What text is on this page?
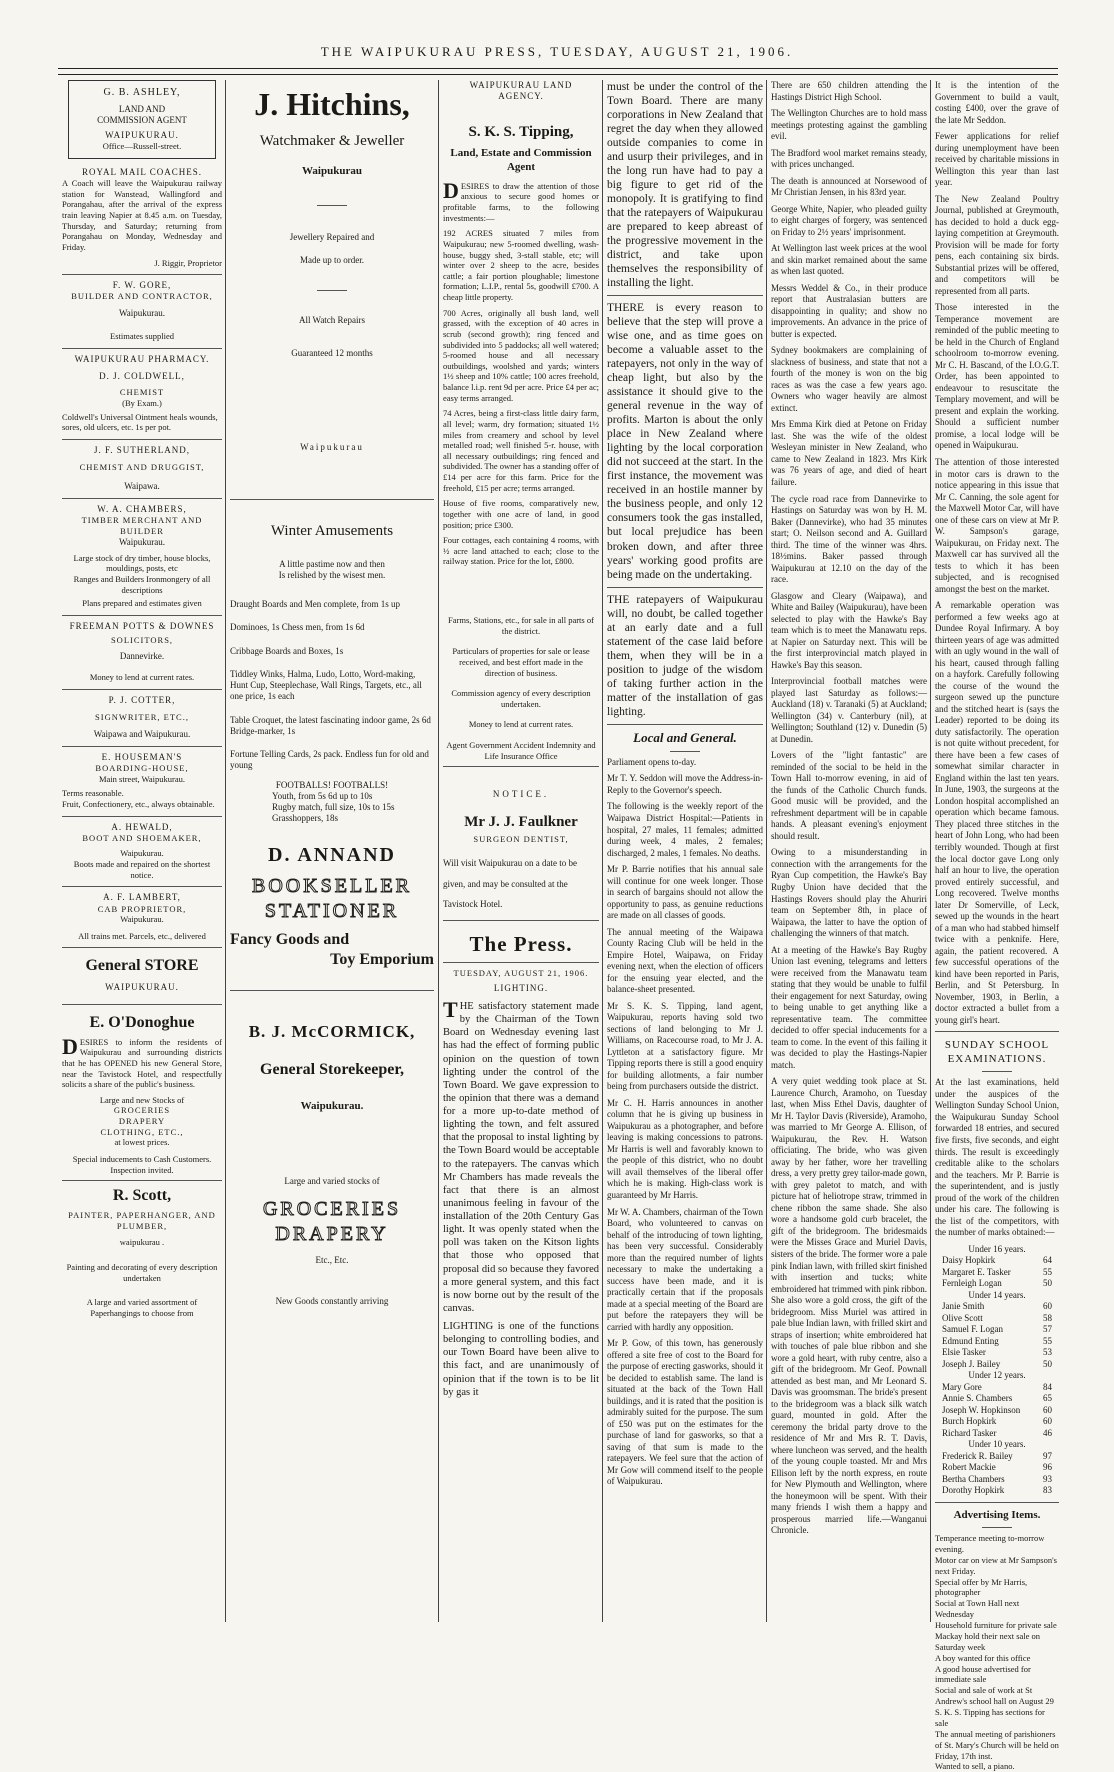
THE WAIPUKURAU PRESS, TUESDAY, AUGUST 21, 1906.
G. B. ASHLEY,
LAND AND
COMMISSION AGENT
WAIPUKURAU.
Office—Russell-street.
ROYAL MAIL COACHES.

A Coach will leave the Waipukurau railway station for Wanstead, Wallingford and Porangahau, after the arrival of the express train leaving Napier at 8.45 a.m. on Tuesday, Thursday, and Saturday; returning from Porangahau on Monday, Wednesday and Friday.

J. Riggir, Proprietor
F. W. GORE,
BUILDER AND CONTRACTOR,
Waipukurau.
Estimates supplied
WAIPUKURAU PHARMACY.
D. J. COLDWELL,
CHEMIST
(By Exam.)

Coldwell's Universal Ointment heals wounds, sores, old ulcers, etc. 1s per pot.

J. F. SUTHERLAND,
CHEMIST AND DRUGGIST,
Waipawa.
W. A. CHAMBERS,
TIMBER MERCHANT AND BUILDER
Waipukurau.
Large stock of dry timber, house blocks, mouldings, posts, etc
Ranges and Builders Ironmongery of all descriptions
Plans prepared and estimates given
FREEMAN POTTS & DOWNES
SOLICITORS,
Dannevirke.
Money to lend at current rates.
P. J. COTTER,
SIGNWRITER, ETC.,
Waipawa and Waipukurau.
E. HOUSEMAN'S
BOARDING-HOUSE,
Main street, Waipukurau.
Terms reasonable.
Fruit, Confectionery, etc., always obtainable.
A. HEWALD,
BOOT AND SHOEMAKER,
Waipukurau.
Boots made and repaired on the shortest notice.
A. F. LAMBERT,
CAB PROPRIETOR,
Waipukurau.
All trains met. Parcels, etc., delivered
General STORE
WAIPUKURAU.
E. O'Donoghue

DESIRES to inform the residents of Waipukurau and surrounding districts that he has OPENED his new General Store, near the Tavistock Hotel, and respectfully solicits a share of the public's business.

Large and new Stocks of
GROCERIES
DRAPERY
CLOTHING, ETC.,
at lowest prices.
Special inducements to Cash Customers.
Inspection invited.
R. Scott,
PAINTER, PAPERHANGER, AND PLUMBER,
waipukurau .
Painting and decorating of every description undertaken
A large and varied assortment of Paperhangings to choose from
J. Hitchins,
Watchmaker & Jeweller
Waipukurau
Jewellery Repaired and
Made up to order.
All Watch Repairs
Guaranteed 12 months
Waipukurau
Winter Amusements
A little pastime now and then
Is relished by the wisest men.

Draught Boards and Men complete, from 1s up

Dominoes, 1s Chess men, from 1s 6d

Cribbage Boards and Boxes, 1s

Tiddley Winks, Halma, Ludo, Lotto, Word-making, Hunt Cup, Steeplechase, Wall Rings, Targets, etc., all one price, 1s each

Table Croquet, the latest fascinating indoor game, 2s 6d Bridge-marker, 1s

Fortune Telling Cards, 2s pack. Endless fun for old and young

FOOTBALLS! FOOTBALLS!
Youth, from 5s 6d up to 10s
Rugby match, full size, 10s to 15s
Grasshoppers, 18s
D. ANNAND
BOOKSELLER
STATIONER
Fancy Goods and
Toy Emporium
B. J. McCORMICK,
General Storekeeper,
Waipukurau.
Large and varied stocks of
GROCERIES
DRAPERY
Etc., Etc.
New Goods constantly arriving
WAIPUKURAU LAND
AGENCY.
S. K. S. Tipping,
Land, Estate and Commission Agent

DESIRES to draw the attention of those anxious to secure good homes or profitable farms, to the following investments:—

192 ACRES situated 7 miles from Waipukurau; new 5-roomed dwelling, wash-house, buggy shed, 3-stall stable, etc; will winter over 2 sheep to the acre, besides cattle; a fair portion ploughable; limestone formation; L.I.P., rental 5s, goodwill £700. A cheap little property.

700 Acres, originally all bush land, well grassed, with the exception of 40 acres in scrub (second growth); ring fenced and subdivided into 5 paddocks; all well watered; 5-roomed house and all necessary outbuildings, woolshed and yards; winters 1½ sheep and 10% cattle; 100 acres freehold, balance l.i.p. rent 9d per acre. Price £4 per ac; easy terms arranged.

74 Acres, being a first-class little dairy farm, all level; warm, dry formation; situated 1½ miles from creamery and school by level metalled road; well finished 5-r. house, with all necessary outbuildings; ring fenced and subdivided. The owner has a standing offer of £14 per acre for this farm. Price for the freehold, £15 per acre; terms arranged.

House of five rooms, comparatively new, together with one acre of land, in good position; price £300.

Four cottages, each containing 4 rooms, with ½ acre land attached to each; close to the railway station. Price for the lot, £800.

Farms, Stations, etc., for sale in all parts of the district.
Particulars of properties for sale or lease received, and best effort made in the direction of business.
Commission agency of every description undertaken.
Money to lend at current rates.
Agent Government Accident Indemnity and Life Insurance Office
NOTICE.
Mr J. J. Faulkner
SURGEON DENTIST,

Will visit Waipukurau on a date to be given, and may be consulted at the Tavistock Hotel.

The Press.
TUESDAY, AUGUST 21, 1906.
LIGHTING.

THE satisfactory statement made by the Chairman of the Town Board on Wednesday evening last has had the effect of forming public opinion on the question of town lighting under the control of the Town Board. We gave expression to the opinion that there was a demand for a more up-to-date method of lighting the town, and felt assured that the proposal to instal lighting by the Town Board would be acceptable to the ratepayers. The canvas which Mr Chambers has made reveals the fact that there is an almost unanimous feeling in favour of the installation of the 20th Century Gas light. It was openly stated when the poll was taken on the Kitson lights that those who opposed that proposal did so because they favored a more general system, and this fact is now borne out by the result of the canvas.

LIGHTING is one of the functions belonging to controlling bodies, and our Town Board have been alive to this fact, and are unanimously of opinion that if the town is to be lit by gas it

must be under the control of the Town Board. There are many corporations in New Zealand that regret the day when they allowed outside companies to come in and usurp their privileges, and in the long run have had to pay a big figure to get rid of the monopoly. It is gratifying to find that the ratepayers of Waipukurau are prepared to keep abreast of the progressive movement in the district, and take upon themselves the responsibility of installing the light.

THERE is every reason to believe that the step will prove a wise one, and as time goes on become a valuable asset to the ratepayers, not only in the way of cheap light, but also by the assistance it should give to the general revenue in the way of profits. Marton is about the only place in New Zealand where lighting by the local corporation did not succeed at the start. In the first instance, the movement was received in an hostile manner by the business people, and only 12 consumers took the gas installed, but local prejudice has been broken down, and after three years' working good profits are being made on the undertaking.

THE ratepayers of Waipukurau will, no doubt, be called together at an early date and a full statement of the case laid before them, when they will be in a position to judge of the wisdom of taking further action in the matter of the installation of gas lighting.

Local and General.

Parliament opens to-day.

Mr T. Y. Seddon will move the Address-in-Reply to the Governor's speech.

The following is the weekly report of the Waipawa District Hospital:—Patients in hospital, 27 males, 11 females; admitted during week, 4 males, 2 females; discharged, 2 males, 1 females. No deaths.

Mr P. Barrie notifies that his annual sale will continue for one week longer. Those in search of bargains should not allow the opportunity to pass, as genuine reductions are made on all classes of goods.

The annual meeting of the Waipawa County Racing Club will be held in the Empire Hotel, Waipawa, on Friday evening next, when the election of officers for the ensuing year elected, and the balance-sheet presented.

Mr S. K. S. Tipping, land agent, Waipukurau, reports having sold two sections of land belonging to Mr J. Williams, on Racecourse road, to Mr J. A. Lyttleton at a satisfactory figure. Mr Tipping reports there is still a good enquiry for building allotments, a fair number being from purchasers outside the district.

Mr C. H. Harris announces in another column that he is giving up business in Waipukurau as a photographer, and before leaving is making concessions to patrons. Mr Harris is well and favorably known to the people of this district, who no doubt will avail themselves of the liberal offer which he is making. High-class work is guaranteed by Mr Harris.

Mr W. A. Chambers, chairman of the Town Board, who volunteered to canvas on behalf of the introducing of town lighting, has been very successful. Considerably more than the required number of lights necessary to make the undertaking a success have been made, and it is practically certain that if the proposals made at a special meeting of the Board are put before the ratepayers they will be carried with hardly any opposition.

Mr P. Gow, of this town, has generously offered a site free of cost to the Board for the purpose of erecting gasworks, should it be decided to establish same. The land is situated at the back of the Town Hall buildings, and it is rated that the position is admirably suited for the purpose. The sum of £50 was put on the estimates for the purchase of land for gasworks, so that a saving of that sum is made to the ratepayers. We feel sure that the action of Mr Gow will commend itself to the people of Waipukurau.

There are 650 children attending the Hastings District High School.

The Wellington Churches are to hold mass meetings protesting against the gambling evil.

The Bradford wool market remains steady, with prices unchanged.

The death is announced at Norsewood of Mr Christian Jensen, in his 83rd year.

George White, Napier, who pleaded guilty to eight charges of forgery, was sentenced on Friday to 2½ years' imprisonment.

At Wellington last week prices at the wool and skin market remained about the same as when last quoted.

Messrs Weddel & Co., in their produce report that Australasian butters are disappointing in quality; and show no improvements. An advance in the price of butter is expected.

Sydney bookmakers are complaining of slackness of business, and state that not a fourth of the money is won on the big races as was the case a few years ago. Owners who wager heavily are almost extinct.

Mrs Emma Kirk died at Petone on Friday last. She was the wife of the oldest Wesleyan minister in New Zealand, who came to New Zealand in 1823. Mrs Kirk was 76 years of age, and died of heart failure.

The cycle road race from Dannevirke to Hastings on Saturday was won by H. M. Baker (Dannevirke), who had 35 minutes start; O. Neilson second and A. Guillard third. The time of the winner was 4hrs. 18½mins. Baker passed through Waipukurau at 12.10 on the day of the race.

Glasgow and Cleary (Waipawa), and White and Bailey (Waipukurau), have been selected to play with the Hawke's Bay team which is to meet the Manawatu reps. at Napier on Saturday next. This will be the first interprovincial match played in Hawke's Bay this season.

Interprovincial football matches were played last Saturday as follows:—Auckland (18) v. Taranaki (5) at Auckland; Wellington (34) v. Canterbury (nil), at Wellington; Southland (12) v. Dunedin (5) at Dunedin.

Lovers of the "light fantastic" are reminded of the social to be held in the Town Hall to-morrow evening, in aid of the funds of the Catholic Church funds. Good music will be provided, and the refreshment department will be in capable hands. A pleasant evening's enjoyment should result.

Owing to a misunderstanding in connection with the arrangements for the Ryan Cup competition, the Hawke's Bay Rugby Union have decided that the Hastings Rovers should play the Ahuriri team on September 8th, in place of Waipawa, the latter to have the option of challenging the winners of that match.

At a meeting of the Hawke's Bay Rugby Union last evening, telegrams and letters were received from the Manawatu team stating that they would be unable to fulfil their engagement for next Saturday, owing to being unable to get anything like a representative team. The committee decided to offer special inducements for a team to come. In the event of this failing it was decided to play the Hastings-Napier match.

A very quiet wedding took place at St. Laurence Church, Aramoho, on Tuesday last, when Miss Ethel Davis, daughter of Mr H. Taylor Davis (Riverside), Aramoho, was married to Mr George A. Ellison, of Waipukurau, the Rev. H. Watson officiating. The bride, who was given away by her father, wore her travelling dress, a very pretty grey tailor-made gown, with grey paletot to match, and with picture hat of heliotrope straw, trimmed in chene ribbon the same shade. She also wore a handsome gold curb bracelet, the gift of the bridegroom. The bridesmaids were the Misses Grace and Muriel Davis, sisters of the bride. The former wore a pale pink Indian lawn, with frilled skirt finished with insertion and tucks; white embroidered hat trimmed with pink ribbon. She also wore a gold cross, the gift of the bridegroom. Miss Muriel was attired in pale blue Indian lawn, with frilled skirt and straps of insertion; white embroidered hat with touches of pale blue ribbon and she wore a gold heart, with ruby centre, also a gift of the bridegroom. Mr Geof. Pownall attended as best man, and Mr Leonard S. Davis was groomsman. The bride's present to the bridegroom was a black silk watch guard, mounted in gold. After the ceremony the bridal party drove to the residence of Mr and Mrs R. T. Davis, where luncheon was served, and the health of the young couple toasted. Mr and Mrs Ellison left by the north express, en route for New Plymouth and Wellington, where the honeymoon will be spent. With their many friends I wish them a happy and prosperous married life.—Wanganui Chronicle.

It is the intention of the Government to build a vault, costing £400, over the grave of the late Mr Seddon.

Fewer applications for relief during unemployment have been received by charitable missions in Wellington this year than last year.

The New Zealand Poultry Journal, published at Greymouth, has decided to hold a duck egg-laying competition at Greymouth. Provision will be made for forty pens, each containing six birds. Substantial prizes will be offered, and competitors will be represented from all parts.

Those interested in the Temperance movement are reminded of the public meeting to be held in the Church of England schoolroom to-morrow evening. Mr C. H. Bascand, of the I.O.G.T. Order, has been appointed to endeavour to resuscitate the Templary movement, and will be present and explain the working. Should a sufficient number promise, a local lodge will be opened in Waipukurau.

The attention of those interested in motor cars is drawn to the notice appearing in this issue that Mr C. Canning, the sole agent for the Maxwell Motor Car, will have one of these cars on view at Mr P. W. Sampson's garage, Waipukurau, on Friday next. The Maxwell car has survived all the tests to which it has been subjected, and is recognised amongst the best on the market.

A remarkable operation was performed a few weeks ago at Dundee Royal Infirmary. A boy thirteen years of age was admitted with an ugly wound in the wall of his heart, caused through falling on a hayfork. Carefully following the course of the wound the surgeon sewed up the puncture and the stitched heart is (says the Leader) reported to be doing its duty satisfactorily. The operation is not quite without precedent, for there have been a few cases of somewhat similar character in England within the last ten years. In June, 1903, the surgeons at the London hospital accomplished an operation which became famous. They placed three stitches in the heart of John Long, who had been terribly wounded. Though at first the local doctor gave Long only half an hour to live, the operation proved entirely successful, and Long recovered. Twelve months later Dr Somerville, of Leck, sewed up the wounds in the heart of a man who had stabbed himself twice with a penknife. Here, again, the patient recovered. A few successful operations of the kind have been reported in Paris, Berlin, and St Petersburg. In November, 1903, in Berlin, a doctor extracted a bullet from a young girl's heart.

SUNDAY SCHOOL
EXAMINATIONS.

At the last examinations, held under the auspices of the Wellington Sunday School Union, the Waipukurau Sunday School forwarded 18 entries, and secured five firsts, five seconds, and eight thirds. The result is exceedingly creditable alike to the scholars and the teachers. Mr P. Barrie is the superintendent, and is justly proud of the work of the children under his care. The following is the list of the competitors, with the number of marks obtained:—

Under 16 years.
Daisy Hopkirk	64
Margaret E. Tasker	55
Fernleigh Logan	50
Under 14 years.
Janie Smith	60
Olive Scott	58
Samuel F. Logan	57
Edmund Enting	55
Elsie Tasker	53
Joseph J. Bailey	50
Under 12 years.
Mary Gore	84
Annie S. Chambers	65
Joseph W. Hopkinson	60
Burch Hopkirk	60
Richard Tasker	46
Under 10 years.
Frederick R. Bailey	97
Robert Mackie	96
Bertha Chambers	93
Dorothy Hopkirk	83
Advertising Items.

Temperance meeting to-morrow evening.

Motor car on view at Mr Sampson's next Friday.

Special offer by Mr Harris, photographer

Social at Town Hall next Wednesday

Household furniture for private sale

Mackay hold their next sale on Saturday week

A boy wanted for this office

A good house advertised for immediate sale

Social and sale of work at St Andrew's school hall on August 29

S. K. S. Tipping has sections for sale

The annual meeting of parishioners of St. Mary's Church will be held on Friday, 17th inst.

Wanted to sell, a piano.
